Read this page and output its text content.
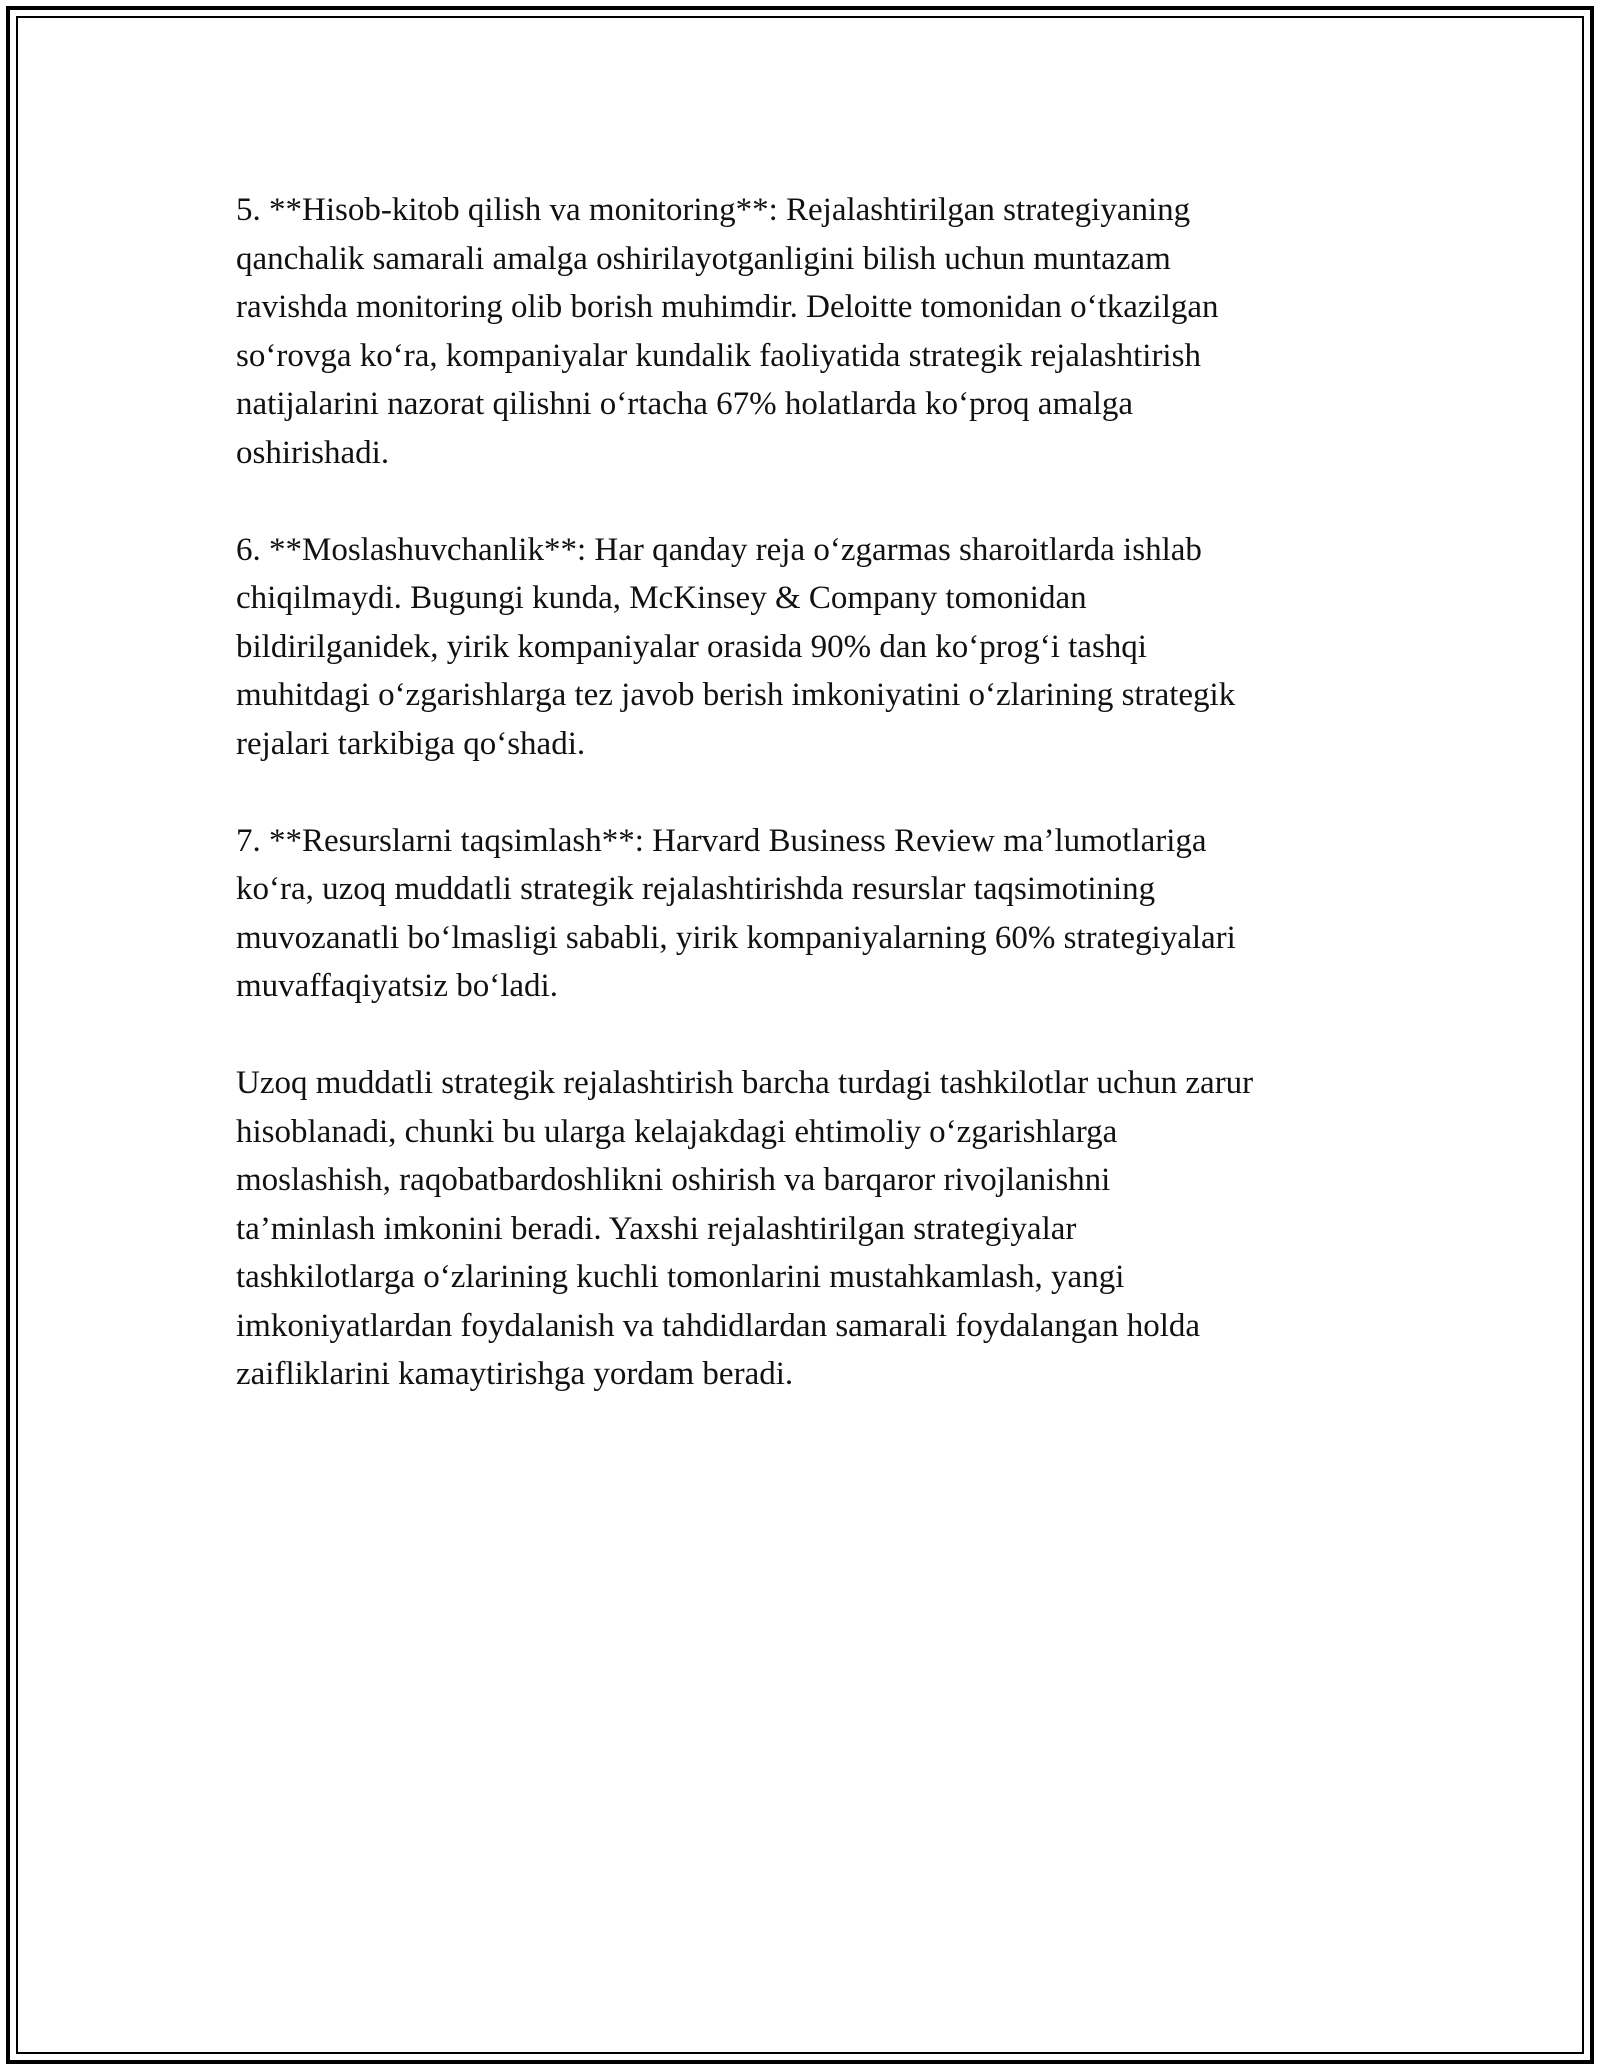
5. **Hisob-kitob qilish va monitoring**: Rejalashtirilgan strategiyaning
qanchalik samarali amalga oshirilayotganligini bilish uchun muntazam
ravishda monitoring olib borish muhimdir. Deloitte tomonidan o‘tkazilgan
so‘rovga ko‘ra, kompaniyalar kundalik faoliyatida strategik rejalashtirish
natijalarini nazorat qilishni o‘rtacha 67% holatlarda ko‘proq amalga
oshirishadi.

6. **Moslashuvchanlik**: Har qanday reja o‘zgarmas sharoitlarda ishlab
chiqilmaydi. Bugungi kunda, McKinsey & Company tomonidan
bildirilganidek, yirik kompaniyalar orasida 90% dan ko‘prog‘i tashqi
muhitdagi o‘zgarishlarga tez javob berish imkoniyatini o‘zlarining strategik
rejalari tarkibiga qo‘shadi.

7. **Resurslarni taqsimlash**: Harvard Business Review ma’lumotlariga
ko‘ra, uzoq muddatli strategik rejalashtirishda resurslar taqsimotining
muvozanatli bo‘lmasligi sababli, yirik kompaniyalarning 60% strategiyalari
muvaffaqiyatsiz bo‘ladi.

Uzoq muddatli strategik rejalashtirish barcha turdagi tashkilotlar uchun zarur
hisoblanadi, chunki bu ularga kelajakdagi ehtimoliy o‘zgarishlarga
moslashish, raqobatbardoshlikni oshirish va barqaror rivojlanishni
ta’minlash imkonini beradi. Yaxshi rejalashtirilgan strategiyalar
tashkilotlarga o‘zlarining kuchli tomonlarini mustahkamlash, yangi
imkoniyatlardan foydalanish va tahdidlardan samarali foydalangan holda
zaifliklarini kamaytirishga yordam beradi.
